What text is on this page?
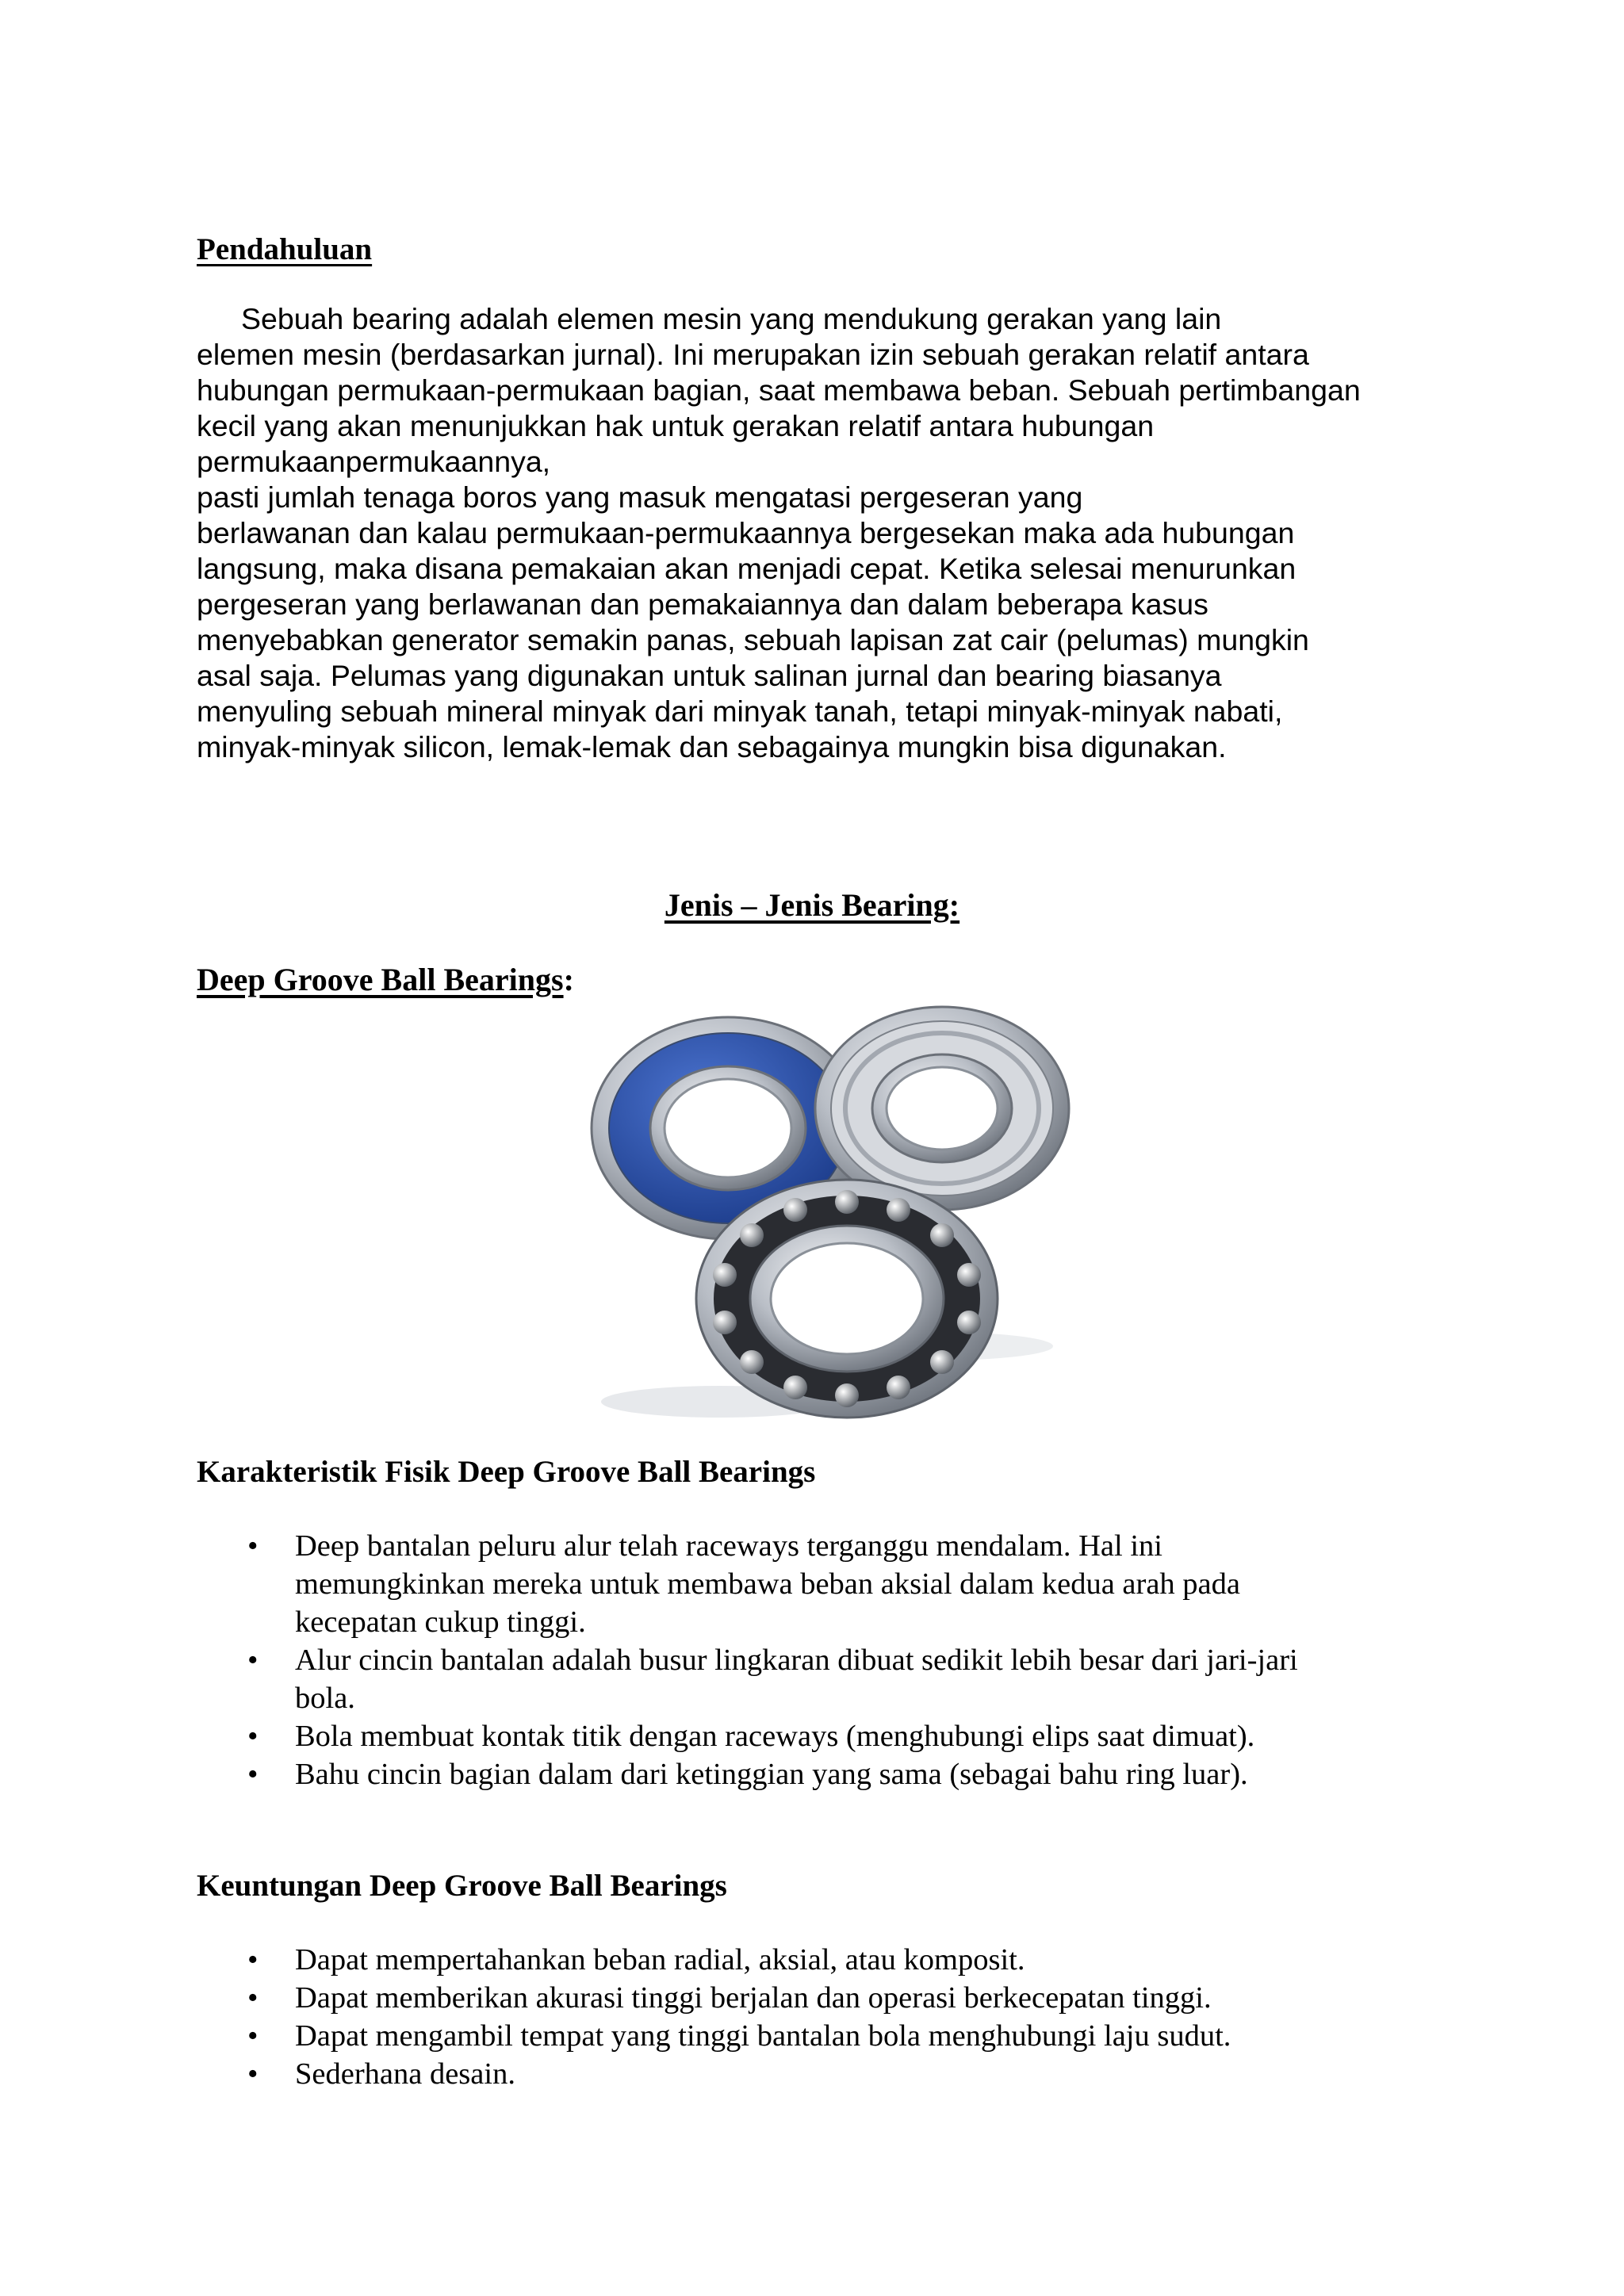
Pendahuluan
Sebuah bearing adalah elemen mesin yang mendukung gerakan yang lain
elemen mesin (berdasarkan jurnal). Ini merupakan izin sebuah gerakan relatif antara
hubungan permukaan-permukaan bagian, saat membawa beban. Sebuah pertimbangan
kecil yang akan menunjukkan hak untuk gerakan relatif antara hubungan
permukaanpermukaannya,
pasti jumlah tenaga boros yang masuk mengatasi pergeseran yang
berlawanan dan kalau permukaan-permukaannya bergesekan maka ada hubungan
langsung, maka disana pemakaian akan menjadi cepat. Ketika selesai menurunkan
pergeseran yang berlawanan dan pemakaiannya dan dalam beberapa kasus
menyebabkan generator semakin panas, sebuah lapisan zat cair (pelumas) mungkin
asal saja. Pelumas yang digunakan untuk salinan jurnal dan bearing biasanya
menyuling sebuah mineral minyak dari minyak tanah, tetapi minyak-minyak nabati,
minyak-minyak silicon, lemak-lemak dan sebagainya mungkin bisa digunakan.
Jenis – Jenis Bearing:
Deep Groove Ball Bearings:
Karakteristik Fisik Deep Groove Ball Bearings
• Deep bantalan peluru alur telah raceways terganggu mendalam. Hal ini
memungkinkan mereka untuk membawa beban aksial dalam kedua arah pada
kecepatan cukup tinggi.
• Alur cincin bantalan adalah busur lingkaran dibuat sedikit lebih besar dari jari-jari
bola.
• Bola membuat kontak titik dengan raceways (menghubungi elips saat dimuat).
• Bahu cincin bagian dalam dari ketinggian yang sama (sebagai bahu ring luar).
Keuntungan Deep Groove Ball Bearings
• Dapat mempertahankan beban radial, aksial, atau komposit.
• Dapat memberikan akurasi tinggi berjalan dan operasi berkecepatan tinggi.
• Dapat mengambil tempat yang tinggi bantalan bola menghubungi laju sudut.
• Sederhana desain.
